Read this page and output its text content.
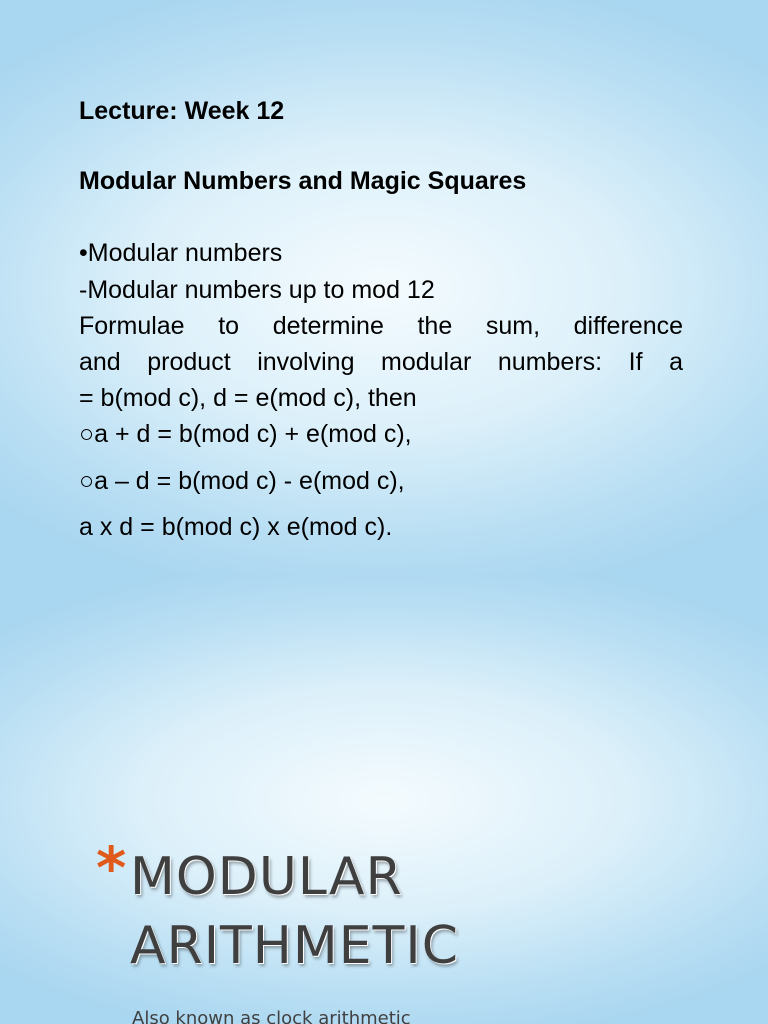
Lecture: Week 12
Modular Numbers and Magic Squares
•Modular numbers
-Modular numbers up to mod 12
Formulae to determine the sum, difference
and product involving modular numbers: If a
= b(mod c), d = e(mod c), then
○a + d = b(mod c) + e(mod c),
○a – d = b(mod c) - e(mod c),
a x d = b(mod c) x e(mod c).
* MODULAR
ARITHMETIC
Also known as clock arithmetic
